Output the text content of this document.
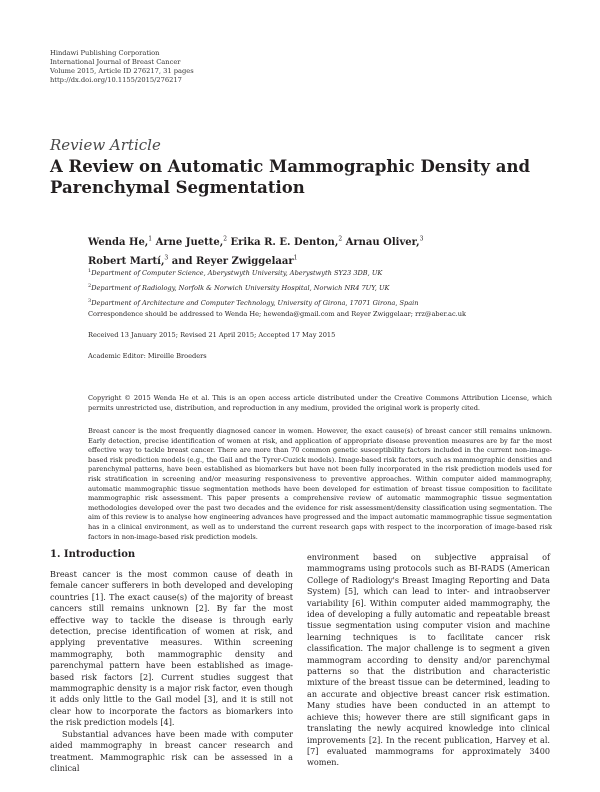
Hindawi Publishing Corporation
International Journal of Breast Cancer
Volume 2015, Article ID 276217, 31 pages
http://dx.doi.org/10.1155/2015/276217
Review Article
A Review on Automatic Mammographic Density and Parenchymal Segmentation
Wenda He,$^1$ Arne Juette,$^2$ Erika R. E. Denton,$^2$ Arnau Oliver,$^3$
Robert Martí,$^3$ and Reyer Zwiggelaar$^1$
$^1$Department of Computer Science, Aberystwyth University, Aberystwyth SY23 3DB, UK
$^2$Department of Radiology, Norfolk & Norwich University Hospital, Norwich NR4 7UY, UK
$^3$Department of Architecture and Computer Technology, University of Girona, 17071 Girona, Spain
Correspondence should be addressed to Wenda He; hewenda@gmail.com and Reyer Zwiggelaar; rrz@aber.ac.uk
Received 13 January 2015; Revised 21 April 2015; Accepted 17 May 2015
Academic Editor: Mireille Broeders
Copyright © 2015 Wenda He et al. This is an open access article distributed under the Creative Commons Attribution License, which permits unrestricted use, distribution, and reproduction in any medium, provided the original work is properly cited.
Breast cancer is the most frequently diagnosed cancer in women. However, the exact cause(s) of breast cancer still remains unknown. Early detection, precise identification of women at risk, and application of appropriate disease prevention measures are by far the most effective way to tackle breast cancer. There are more than 70 common genetic susceptibility factors included in the current non-image-based risk prediction models (e.g., the Gail and the Tyrer-Cuzick models). Image-based risk factors, such as mammographic densities and parenchymal patterns, have been established as biomarkers but have not been fully incorporated in the risk prediction models used for risk stratification in screening and/or measuring responsiveness to preventive approaches. Within computer aided mammography, automatic mammographic tissue segmentation methods have been developed for estimation of breast tissue composition to facilitate mammographic risk assessment. This paper presents a comprehensive review of automatic mammographic tissue segmentation methodologies developed over the past two decades and the evidence for risk assessment/density classification using segmentation. The aim of this review is to analyse how engineering advances have progressed and the impact automatic mammographic tissue segmentation has in a clinical environment, as well as to understand the current research gaps with respect to the incorporation of image-based risk factors in non-image-based risk prediction models.
1. Introduction

Breast cancer is the most common cause of death in female cancer sufferers in both developed and developing countries [1]. The exact cause(s) of the majority of breast cancers still remains unknown [2]. By far the most effective way to tackle the disease is through early detection, precise identification of women at risk, and applying preventative measures. Within screening mammography, both mammographic density and parenchymal pattern have been established as image-based risk factors [2]. Current studies suggest that mammographic density is a major risk factor, even though it adds only little to the Gail model [3], and it is still not clear how to incorporate the factors as biomarkers into the risk prediction models [4].

Substantial advances have been made with computer aided mammography in breast cancer research and treatment. Mammographic risk can be assessed in a clinical

environment based on subjective appraisal of mammograms using protocols such as BI-RADS (American College of Radiology's Breast Imaging Reporting and Data System) [5], which can lead to inter- and intraobserver variability [6]. Within computer aided mammography, the idea of developing a fully automatic and repeatable breast tissue segmentation using computer vision and machine learning techniques is to facilitate cancer risk classification. The major challenge is to segment a given mammogram according to density and/or parenchymal patterns so that the distribution and characteristic mixture of the breast tissue can be determined, leading to an accurate and objective breast cancer risk estimation. Many studies have been conducted in an attempt to achieve this; however there are still significant gaps in translating the newly acquired knowledge into clinical improvements [2]. In the recent publication, Harvey et al. [7] evaluated mammograms for approximately 3400 women.
